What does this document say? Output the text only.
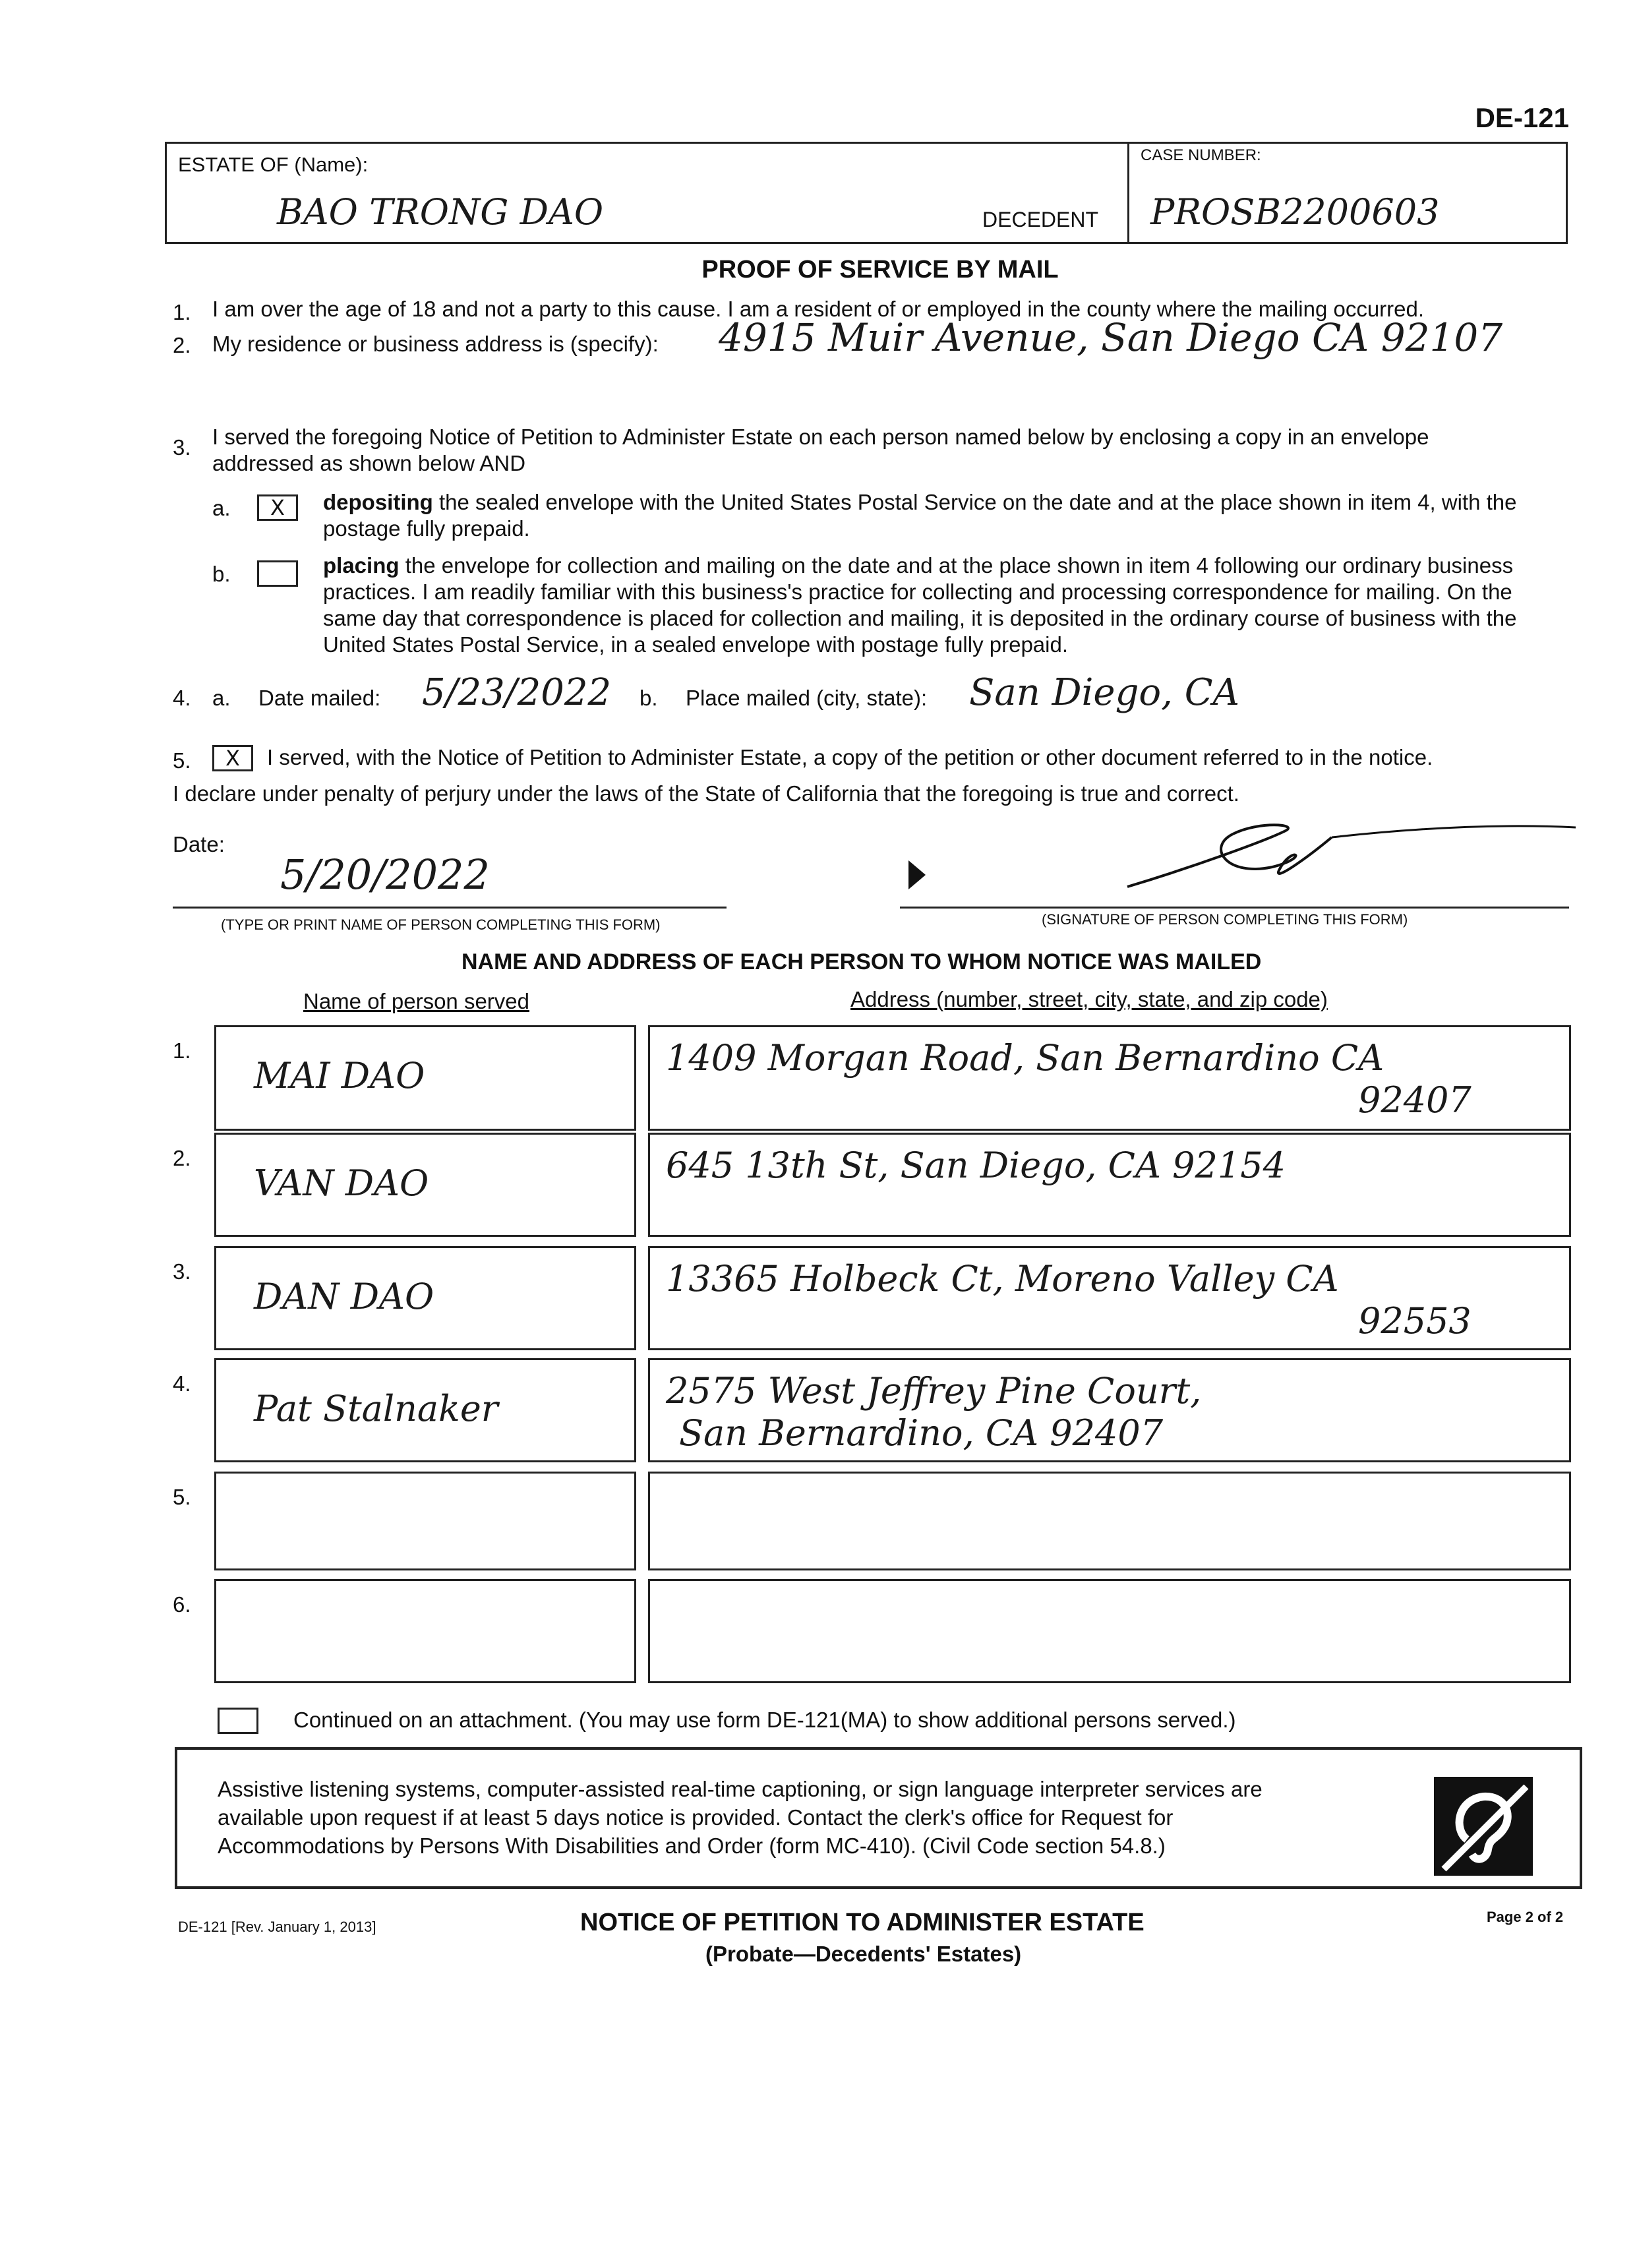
DE-121
ESTATE OF (Name):
BAO TRONG DAO	DECEDENT
CASE NUMBER:
PROSB2200603
PROOF OF SERVICE BY MAIL
1. I am over the age of 18 and not a party to this cause. I am a resident of or employed in the county where the mailing occurred.
2. My residence or business address is (specify): 4915 Muir Avenue, San Diego CA 92107
3. I served the foregoing Notice of Petition to Administer Estate on each person named below by enclosing a copy in an envelope addressed as shown below AND
a.	X	depositing the sealed envelope with the United States Postal Service on the date and at the place shown in item 4, with the postage fully prepaid.
b.	placing the envelope for collection and mailing on the date and at the place shown in item 4 following our ordinary business practices. I am readily familiar with this business's practice for collecting and processing correspondence for mailing. On the same day that correspondence is placed for collection and mailing, it is deposited in the ordinary course of business with the United States Postal Service, in a sealed envelope with postage fully prepaid.
4. a. Date mailed: 5/23/2022 b. Place mailed (city, state): San Diego, CA
5.	X	I served, with the Notice of Petition to Administer Estate, a copy of the petition or other document referred to in the notice.
I declare under penalty of perjury under the laws of the State of California that the foregoing is true and correct.
Date:
5/20/2022
(TYPE OR PRINT NAME OF PERSON COMPLETING THIS FORM)	(SIGNATURE OF PERSON COMPLETING THIS FORM)
NAME AND ADDRESS OF EACH PERSON TO WHOM NOTICE WAS MAILED
Name of person served	Address (number, street, city, state, and zip code)
1.
MAI DAO	1409 Morgan Road, San Bernardino CA
92407
2.
VAN DAO	645 13th St, San Diego, CA 92154
3.
DAN DAO	13365 Holbeck Ct, Moreno Valley CA
92553
4.
Pat Stalnaker	2575 West Jeffrey Pine Court,
San Bernardino, CA 92407
5.
6.
Continued on an attachment. (You may use form DE-121(MA) to show additional persons served.)
Assistive listening systems, computer-assisted real-time captioning, or sign language interpreter services are
available upon request if at least 5 days notice is provided. Contact the clerk's office for Request for
Accommodations by Persons With Disabilities and Order (form MC-410). (Civil Code section 54.8.)
DE-121 [Rev. January 1, 2013]	NOTICE OF PETITION TO ADMINISTER ESTATE
(Probate—Decedents' Estates)
Page 2 of 2
